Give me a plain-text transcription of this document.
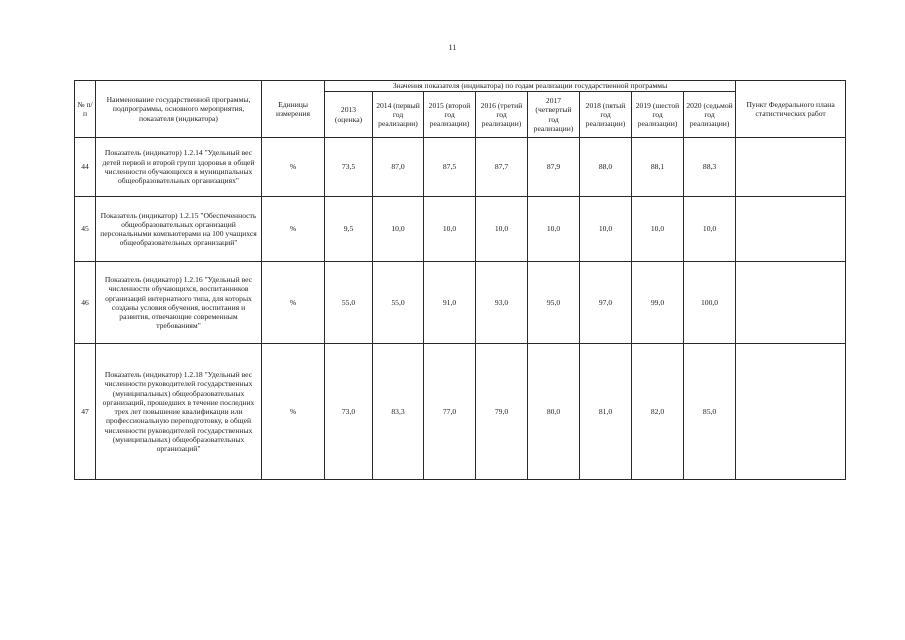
11
№ п/п	Наименование государственной программы, подпрограммы, основного мероприятия, показателя (индикатора)	Единицы измерения	Значения показателя (индикатора) по годам реализации государственной программы								Пункт Федерального плана статистических работ
			2013 (оценка)	2014 (первый год реализации)	2015 (второй год реализации)	2016 (третий год реализации)	2017 (четвертый год реализации)	2018 (пятый год реализации)	2019 (шестой год реализации)	2020 (седьмой год реализации)	
44	Показатель (индикатор) 1.2.14 "Удельный вес детей первой и второй групп здоровья в общей численности обучающихся в муниципальных общеобразовательных организациях"	%	73,5	87,0	87,5	87,7	87,9	88,0	88,1	88,3	
45	Показатель (индикатор) 1.2.15 "Обеспеченность общеобразовательных организаций персональными компьютерами на 100 учащихся общеобразовательных организаций"	%	9,5	10,0	10,0	10,0	10,0	10,0	10,0	10,0	
46	Показатель (индикатор) 1.2.16 "Удельный вес численности обучающихся, воспитанников организаций интернатного типа, для которых созданы условия обучения, воспитания и развития, отвечающие современным требованиям"	%	55,0	55,0	91,0	93,0	95,0	97,0	99,0	100,0	
47	Показатель (индикатор) 1.2.18 "Удельный вес численности руководителей государственных (муниципальных) общеобразовательных организаций, прошедших в течение последних трех лет повышение квалификации или профессиональную переподготовку, в общей численности руководителей государственных (муниципальных) общеобразовательных организаций"	%	73,0	83,3	77,0	79,0	80,0	81,0	82,0	85,0	
